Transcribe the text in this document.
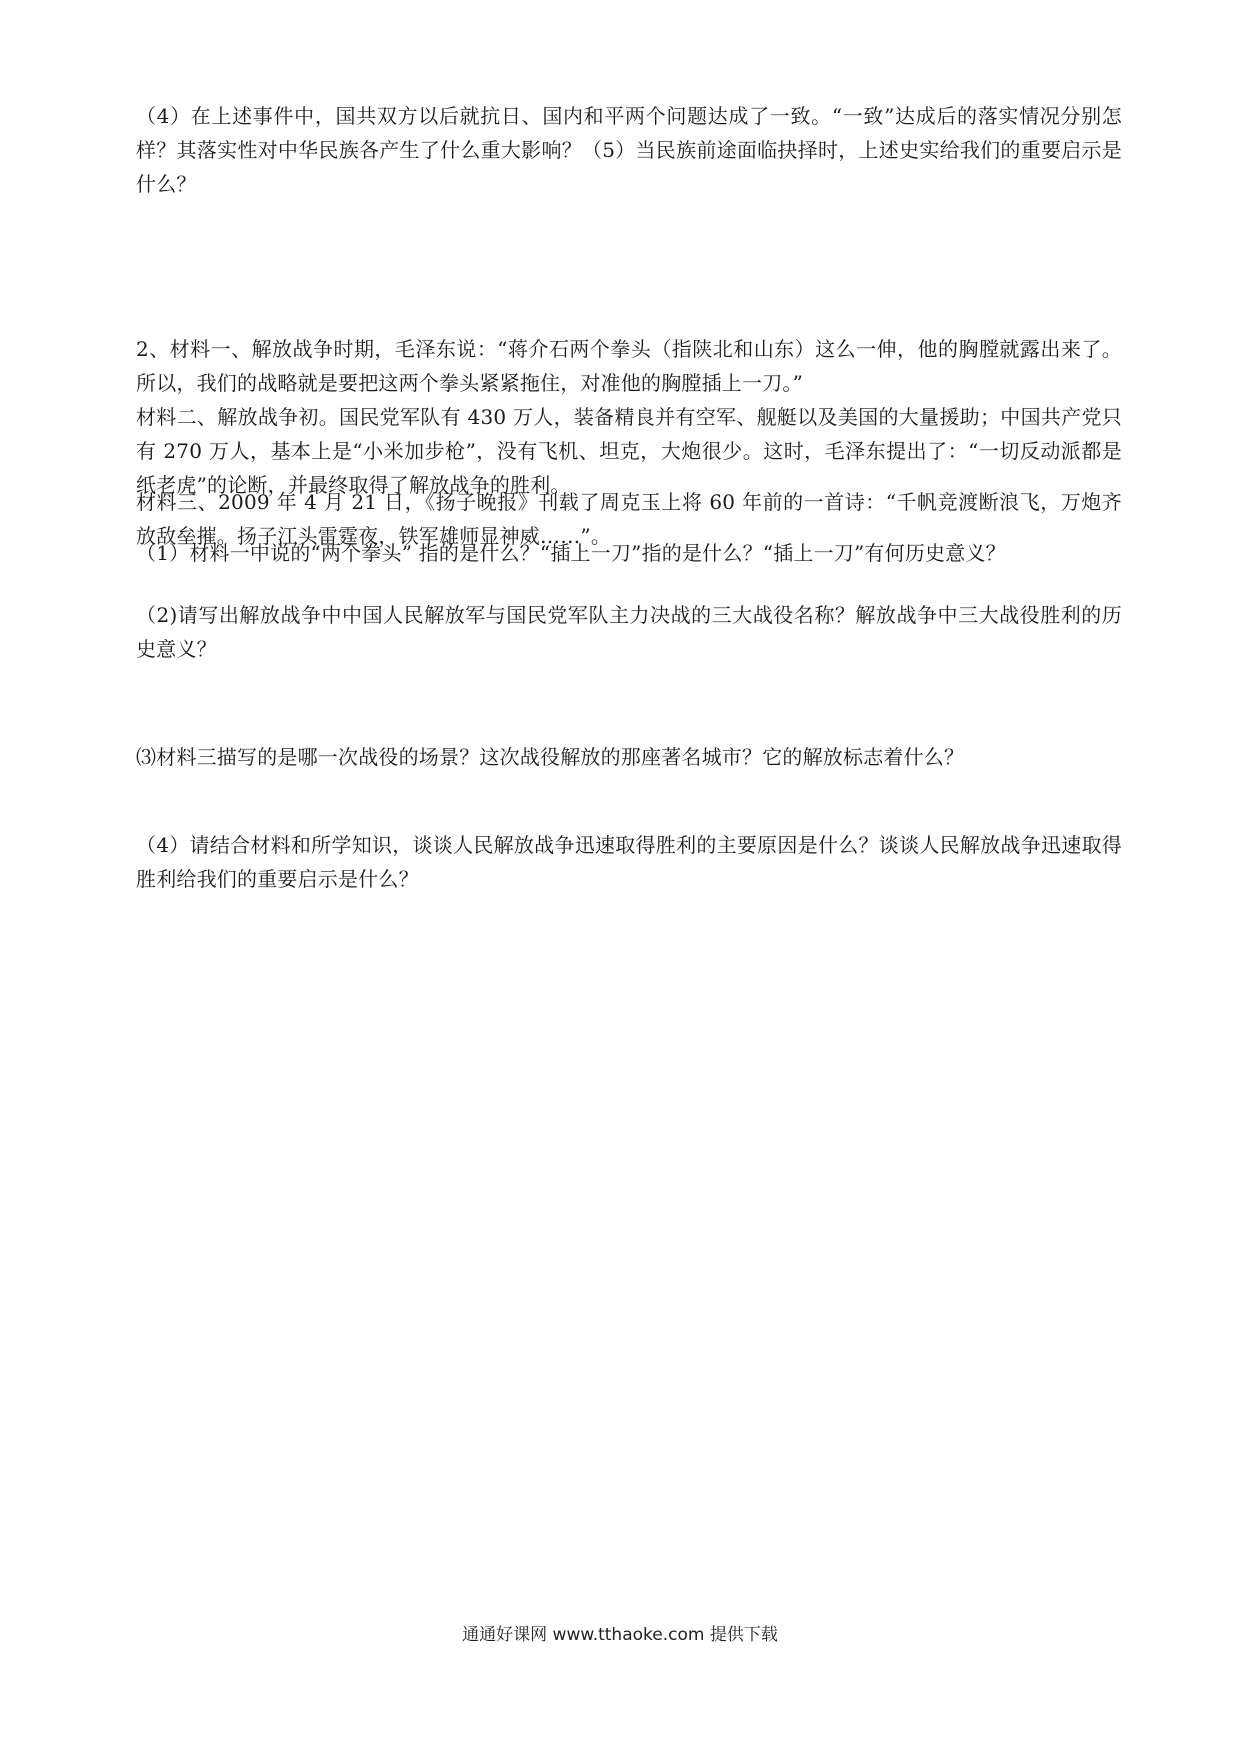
（4）在上述事件中，国共双方以后就抗日、国内和平两个问题达成了一致。“一致”达成后的落实情况分别怎样？其落实性对中华民族各产生了什么重大影响？（5）当民族前途面临抉择时，上述史实给我们的重要启示是什么？

2、材料一、解放战争时期，毛泽东说：“蒋介石两个拳头（指陕北和山东）这么一伸，他的胸膛就露出来了。所以，我们的战略就是要把这两个拳头紧紧拖住，对准他的胸膛插上一刀。”

材料二、解放战争初。国民党军队有 430 万人，装备精良并有空军、舰艇以及美国的大量援助；中国共产党只有 270 万人，基本上是“小米加步枪”，没有飞机、坦克，大炮很少。这时，毛泽东提出了：“一切反动派都是纸老虎”的论断，并最终取得了解放战争的胜利。

材料三、2009 年 4 月 21 日，《扬子晚报》刊载了周克玉上将 60 年前的一首诗：“千帆竞渡断浪飞，万炮齐放敌垒摧。扬子江头雷霆夜，铁军雄师显神威……”。

（1）材料一中说的“两个拳头” 指的是什么？“插上一刀”指的是什么？“插上一刀”有何历史意义？

（2)请写出解放战争中中国人民解放军与国民党军队主力决战的三大战役名称？解放战争中三大战役胜利的历史意义？

⑶材料三描写的是哪一次战役的场景？这次战役解放的那座著名城市？它的解放标志着什么？

（4）请结合材料和所学知识，谈谈人民解放战争迅速取得胜利的主要原因是什么？谈谈人民解放战争迅速取得胜利给我们的重要启示是什么？

通通好课网 www.tthaoke.com 提供下载
